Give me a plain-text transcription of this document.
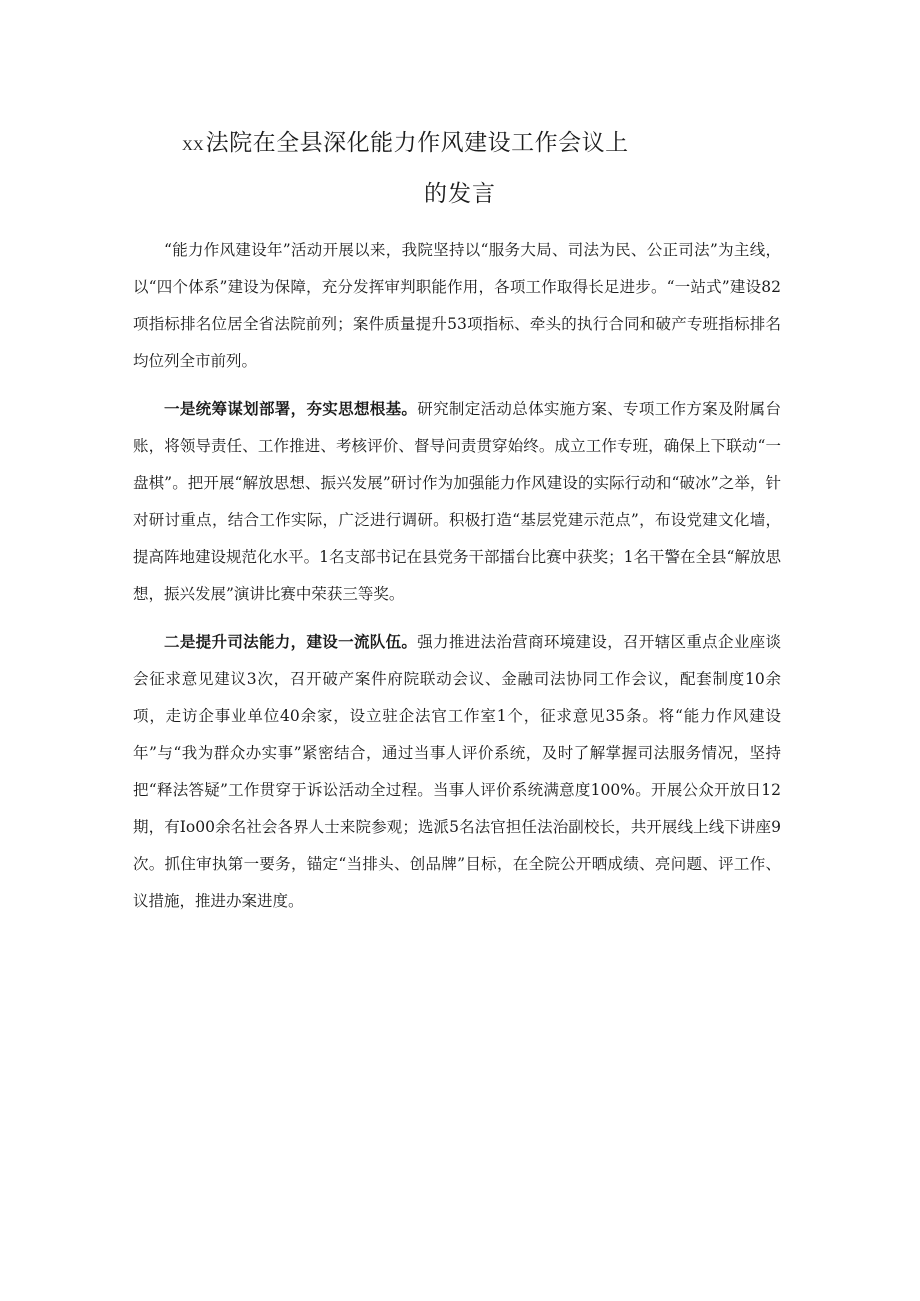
XX法院在全县深化能力作风建设工作会议上
的发言

“能力作风建设年”活动开展以来，我院坚持以“服务大局、司法为民、公正司法”为主线，以“四个体系”建设为保障，充分发挥审判职能作用，各项工作取得长足进步。“一站式”建设82项指标排名位居全省法院前列；案件质量提升53项指标、牵头的执行合同和破产专班指标排名均位列全市前列。

一是统筹谋划部署，夯实思想根基。研究制定活动总体实施方案、专项工作方案及附属台账，将领导责任、工作推进、考核评价、督导问责贯穿始终。成立工作专班，确保上下联动“一盘棋”。把开展“解放思想、振兴发展”研讨作为加强能力作风建设的实际行动和“破冰”之举，针对研讨重点，结合工作实际，广泛进行调研。积极打造“基层党建示范点”，布设党建文化墙，提高阵地建设规范化水平。1名支部书记在县党务干部擂台比赛中获奖；1名干警在全县“解放思想，振兴发展”演讲比赛中荣获三等奖。

二是提升司法能力，建设一流队伍。强力推进法治营商环境建设，召开辖区重点企业座谈会征求意见建议3次，召开破产案件府院联动会议、金融司法协同工作会议，配套制度10余项，走访企事业单位40余家，设立驻企法官工作室1个，征求意见35条。将“能力作风建设年”与“我为群众办实事”紧密结合，通过当事人评价系统，及时了解掌握司法服务情况，坚持把“释法答疑”工作贯穿于诉讼活动全过程。当事人评价系统满意度100%。开展公众开放日12期，有Io00余名社会各界人士来院参观；选派5名法官担任法治副校长，共开展线上线下讲座9次。抓住审执第一要务，锚定“当排头、创品牌”目标，在全院公开晒成绩、亮问题、评工作、议措施，推进办案进度。
